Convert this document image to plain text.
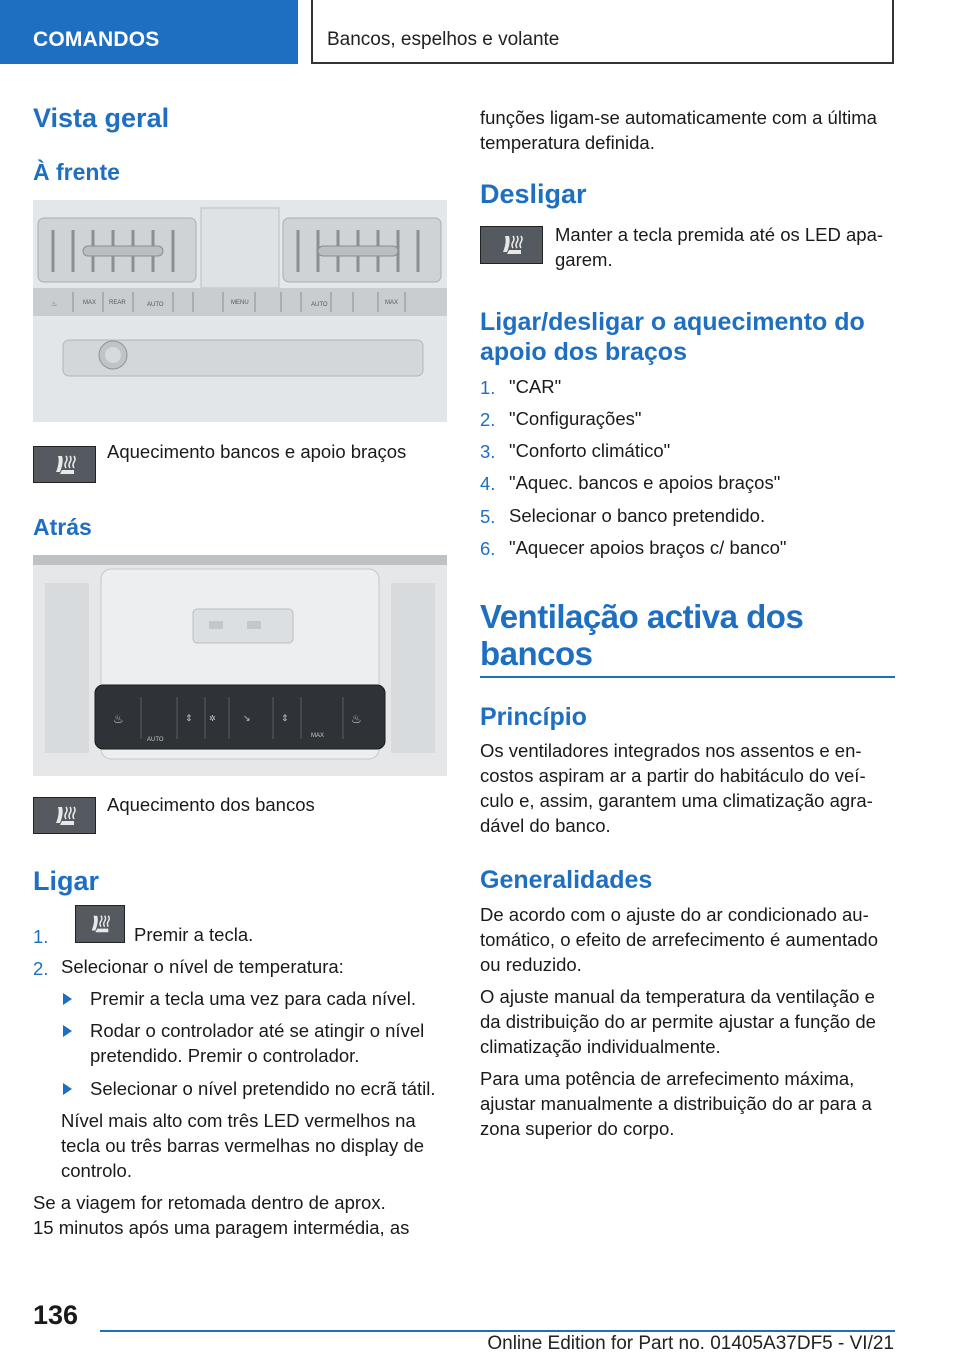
COMANDOS	Bancos, espelhos e volante
Vista geral
À frente
♨	MAX REAR	AUTO	MENU	AUTO	MAX

Aquecimento bancos e apoio braços

Atrás
♨
AUTO
⇕ ✲	↘	⇕
MAX
♨

Aquecimento dos bancos

Ligar
1.	Premir a tecla.
2. Selecionar o nível de temperatura:
Premir a tecla uma vez para cada nível.
Rodar o controlador até se atingir o nível
pretendido. Premir o controlador.
Selecionar o nível pretendido no ecrã tátil.
Nível mais alto com três LED vermelhos na
tecla ou três barras vermelhas no display de
controlo.
Se a viagem for retomada dentro de aprox.
15 minutos após uma paragem intermédia, as
funções ligam-se automaticamente com a última
temperatura definida.
Desligar
Manter a tecla premida até os LED apa-
garem.
Ligar/desligar o aquecimento do
apoio dos braços
1. "CAR"
2. "Configurações"
3. "Conforto climático"
4. "Aquec. bancos e apoios braços"
5. Selecionar o banco pretendido.
6. "Aquecer apoios braços c/ banco"
Ventilação activa dos
bancos
Princípio
Os ventiladores integrados nos assentos e en-
costos aspiram ar a partir do habitáculo do veí-
culo e, assim, garantem uma climatização agra-
dável do banco.
Generalidades
De acordo com o ajuste do ar condicionado au-
tomático, o efeito de arrefecimento é aumentado
ou reduzido.
O ajuste manual da temperatura da ventilação e
da distribuição do ar permite ajustar a função de
climatização individualmente.
Para uma potência de arrefecimento máxima,
ajustar manualmente a distribuição do ar para a
zona superior do corpo.
136
Online Edition for Part no. 01405A37DF5 - VI/21
